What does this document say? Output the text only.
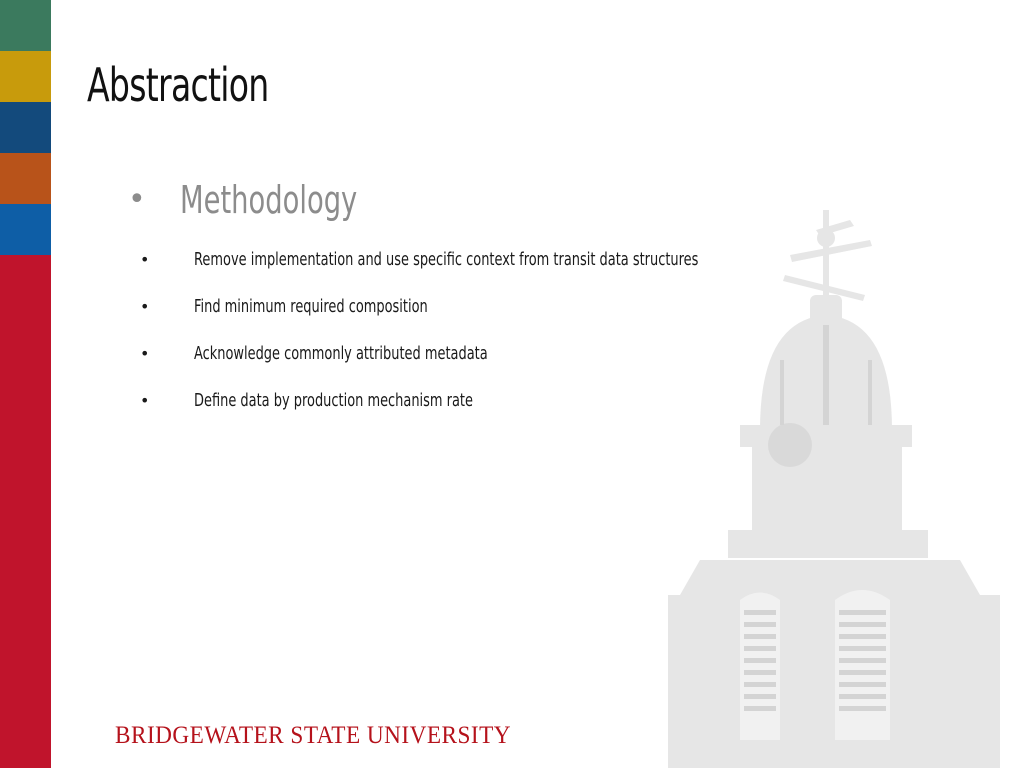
Abstraction
• Methodology
• Remove implementation and use specific context from transit data structures
• Find minimum required composition
• Acknowledge commonly attributed metadata
• Define data by production mechanism rate
BRIDGEWATER STATE UNIVERSITY
